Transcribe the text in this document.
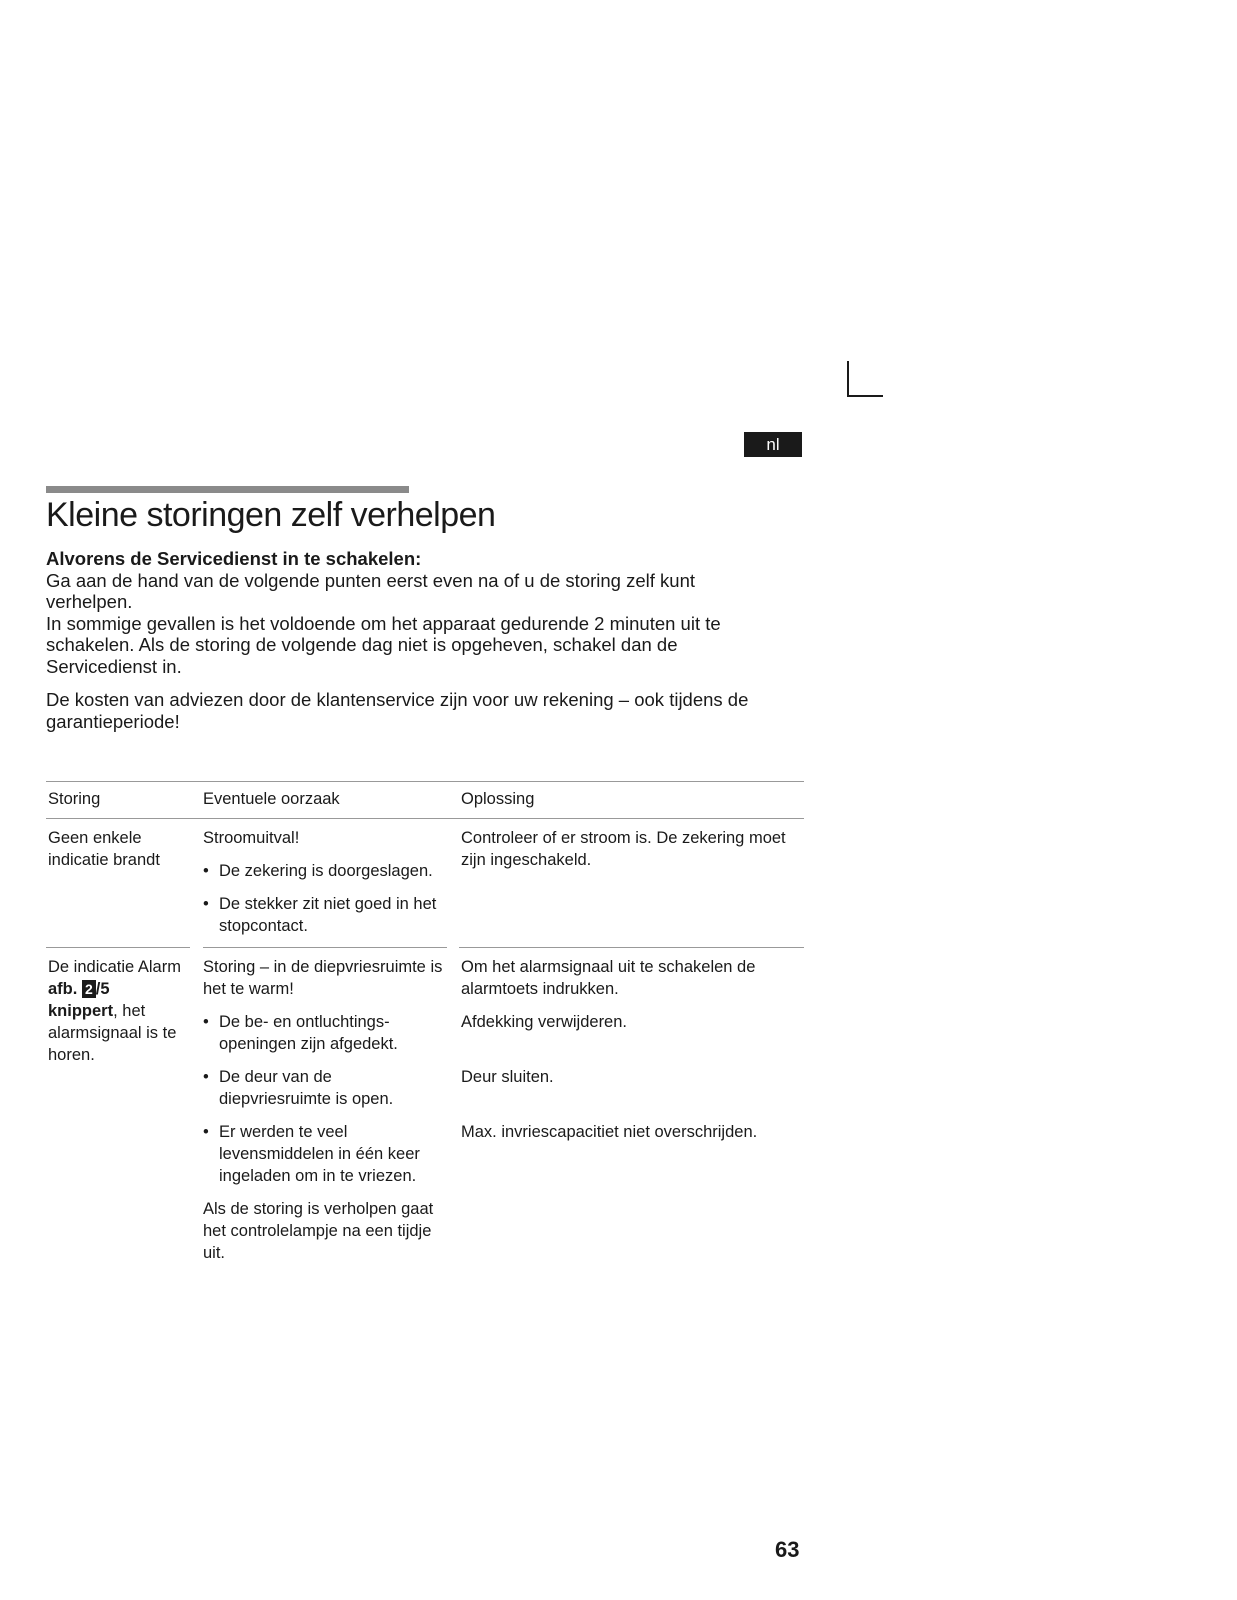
nl
Kleine storingen zelf verhelpen

Alvorens de Servicedienst in te schakelen:

Ga aan de hand van de volgende punten eerst even na of u de storing zelf kunt verhelpen.

In sommige gevallen is het voldoende om het apparaat gedurende 2 minuten uit te schakelen. Als de storing de volgende dag niet is opgeheven, schakel dan de Servicedienst in.

De kosten van adviezen door de klantenservice zijn voor uw rekening – ook tijdens de garantieperiode!

Storing	Eventuele oorzaak	Oplossing
Geen enkele indicatie brandt
Stroomuitval!
• De zekering is doorgeslagen.
• De stekker zit niet goed in het stopcontact.
Controleer of er stroom is. De zekering moet zijn ingeschakeld.
De indicatie Alarm
afb. 2 /5
knippert, het alarmsignaal is te horen.
Storing – in de diepvriesruimte is het te warm!
• De be- en ontluchtingsopeningen zijn afgedekt.
• De deur van de diepvriesruimte is open.
• Er werden te veel levensmiddelen in één keer ingeladen om in te vriezen.
Als de storing is verholpen gaat het controlelampje na een tijdje uit.
Om het alarmsignaal uit te schakelen de alarmtoets indrukken.
Afdekking verwijderen.
Deur sluiten.
Max. invriescapacitiet niet overschrijden.
63
